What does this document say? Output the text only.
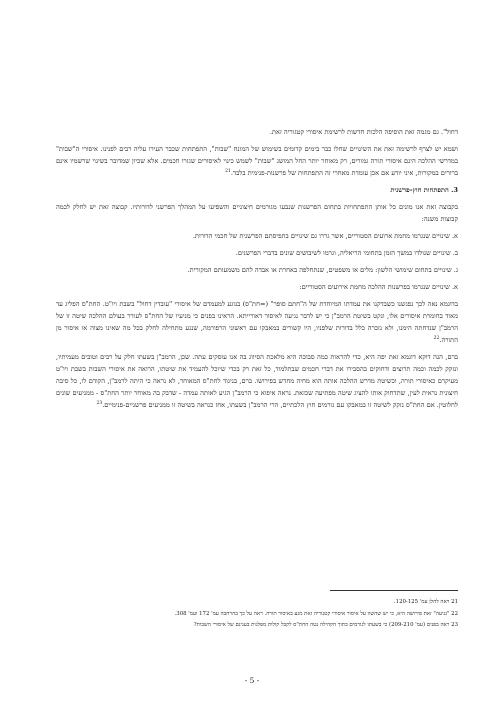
דחול". גם מגמה זאת הוסיפה הלכות חדשות לרשימת איסורי קטגוריה זאת.

ושמא יש לצרף לרשימה זאת את השינויים שחלו כבר בימים קדומים בשימוש של המונח "שבות", התפתחות שכבר העירו עליה רבים לפנינו. איסורי ה"שבות" במדרשי ההלכה הינם איסורי תורה גמורים, רק מאוחר יותר החל המושג "שבות" לשמש כינוי לאיסורים שגזרו חכמים. אלא שכיון שמדובר בשינוי שרשמיו אינם ברורים במקורות, איני יודע אם אכן עומדת מאחרי זה התפתחות של פרשנות-פנימית בלבד.$^{21}$

3. התפתחות חוץ-פרשנית

בקבוצה זאת אנו מונים כל אותן התפתחויות בתחום הפרשנות שנבעו מגורמים חיצוניים והשפיעו על המהלך הפרשני לדורותיו. קבוצה זאת יש לחלק לכמה קבוצות משנה:

א. שינויים שנגרמו מחמת ארועים הסטוריים, אשר גררו גם שינויים בתפיסתם הפרשנית של חכמי הדורות.

ב. שינויים שנולדו במשך הזמן בתחומי הריאליה, וגרמו לשיבושים שונים בדברי הפרשנים.

ג. שינויים בתחום שימושי הלשון: מלים או משפטים, שנתחלפה באחרת או אבדה להם משמעותם המקורית.

א. שינויים שנגרמו בפרשנות ההלכה מחמת אירועים הסטוריים:

בדוגמא נאה לכך נפגשנו כשבדקנו את עמדתו המיוחדת של ה"חתם סופר" (=חת"ס) בנוגע למעמדם של איסורי "עובדין דחול" בשבת ויו"ט. החת"ס הפליג עד מאוד בחומרת איסורים אלו, ונקט בשיטת הרמב"ן כי יש לדבר נגיעה לאיסור דאורייתא. הראינו בפנים כי מניעיו של החת"ס לעורר בעולם ההלכה שיטה זו של הרמב"ן שנדחתה הימנו, ולא נזכרה כלל בדורות שלפניו, היו קשורים במאבקו עם ראשוני הרפורמה, שנגע מתחילה לחלק בכל מה שאינו מצוה או איסור מן התורה.$^{22}$

ברם, הנה דוקא דוגמא זאת יפה היא, כדי להראות כמה סבוכה היא מלאכת הסיווג בה אנו עוסקים עתה. שכן, הרמב"ן בשעתו חלק על רבים וטובים מעמיתיו, ונזקק לכמה וכמה תרוצים ודחוקים בהסבירו את דברי חכמים שבתלמוד, כל זאת רק בכדי שיוכל להעמיד את שיטתו, הרואה את איסורי השבות בשבת ויו"ט מעיקרם כאיסורי תורה, וכשיטת מדרש ההלכה אותה הוא מחיה מחדש בפירושו. ברם, בניגוד לחת"ס המאוחר, לא נראה כי היתה לרמב"ן, הקודם לו, כל סיבה חיצונית נראית לעין, שתדחוק אותו להציג שיטה מפתיעה שכזאת. נראה איפוא כי הרמב"ן הגיע לאותה עמדה - שדבק בה מאוחר יותר החת"ס - ממניעים שונים לחלוטין. אם החת"ס נזקק לשיטה זו במאבקו עם גורמים חוץ הלכתיים, הרי הרמב"ן בשעתו, אחז כנראה בשיטה זו ממניעים פרשניים-פנימיים.$^{23}$

21 ראה להלן עמ' 120-125.
22 "נגיעה" זאת פירושה היא, כי יש שהשוו על איסור איסורי קטגוריה זאת מגע באיסור תורה. ראה על כך בהרחבה עמ' 172 ועמ' 308.
23 ראה בפנים (עמ' 209-210) כי בשעתו לגורמים בתוך הקהילה נטה החת"ס לקבל קולות מפלגות בענינם של איסורי השבות?
- 5 -
